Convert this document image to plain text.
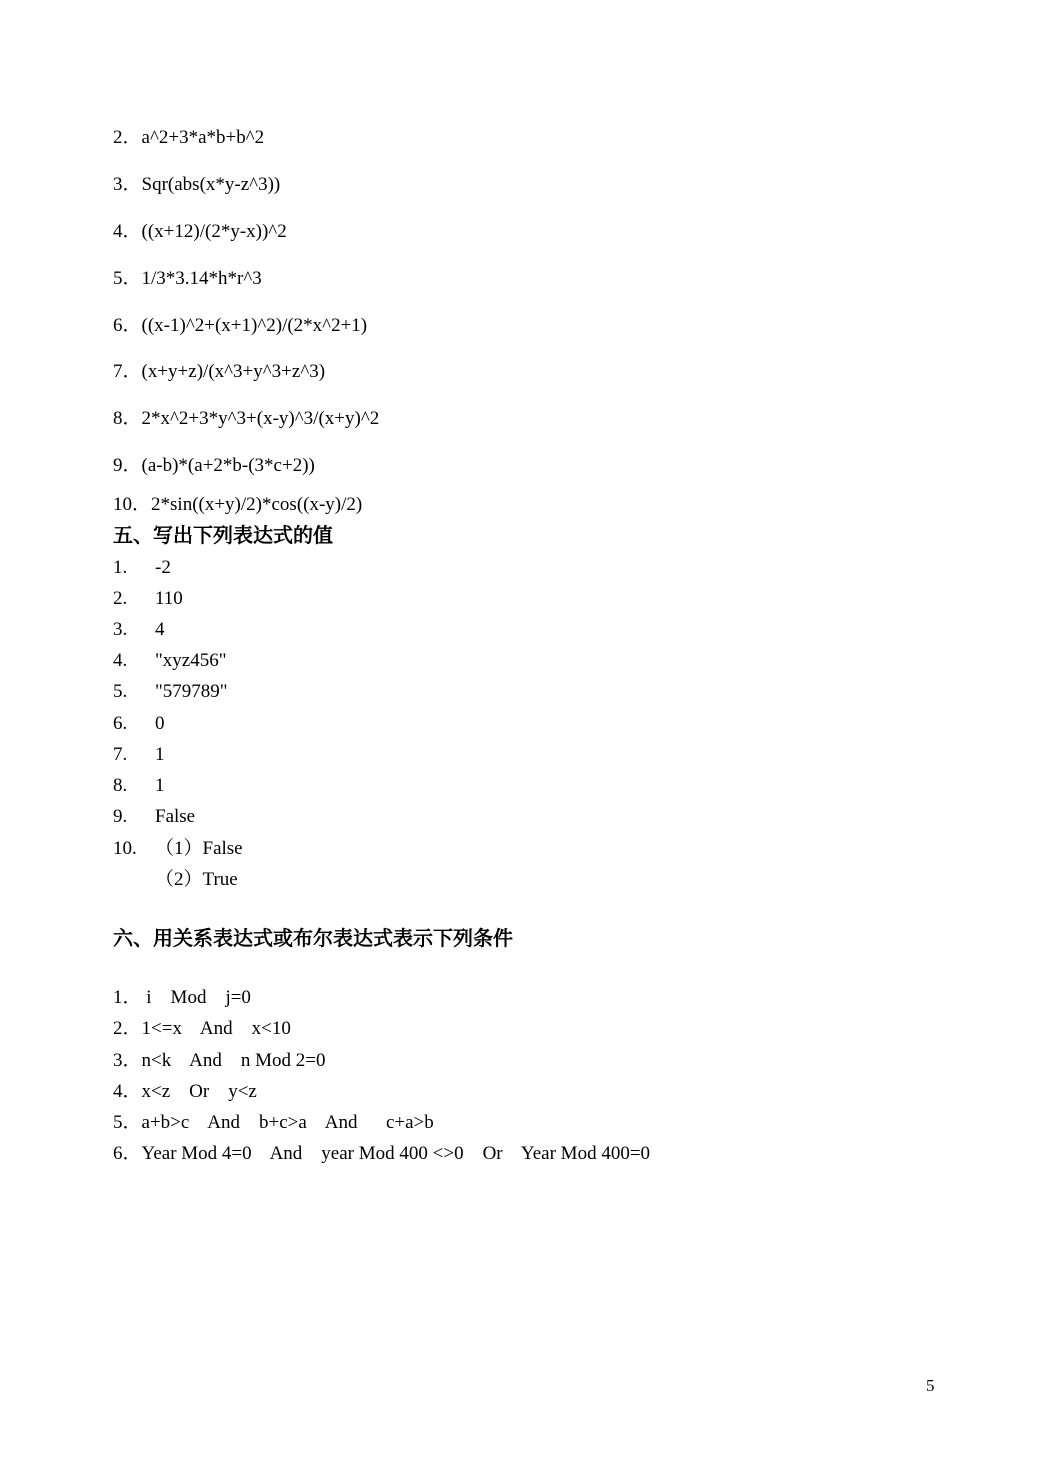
2．a^2+3*a*b+b^2
3．Sqr(abs(x*y-z^3))
4．((x+12)/(2*y-x))^2
5．1/3*3.14*h*r^3
6．((x-1)^2+(x+1)^2)/(2*x^2+1)
7．(x+y+z)/(x^3+y^3+z^3)
8．2*x^2+3*y^3+(x-y)^3/(x+y)^2
9．(a-b)*(a+2*b-(3*c+2))
10．2*sin((x+y)/2)*cos((x-y)/2)
五、写出下列表达式的值
1. -2
2. 110
3. 4
4. "xyz456"
5. "579789"
6. 0
7. 1
8. 1
9. False
10. （1）False
（2）True
六、用关系表达式或布尔表达式表示下列条件
1． i    Mod    j=0
2．1<=x    And    x<10
3．n<k    And    n Mod 2=0
4．x<z    Or    y<z
5．a+b>c    And    b+c>a    And      c+a>b
6．Year Mod 4=0    And    year Mod 400 <>0    Or    Year Mod 400=0
5
